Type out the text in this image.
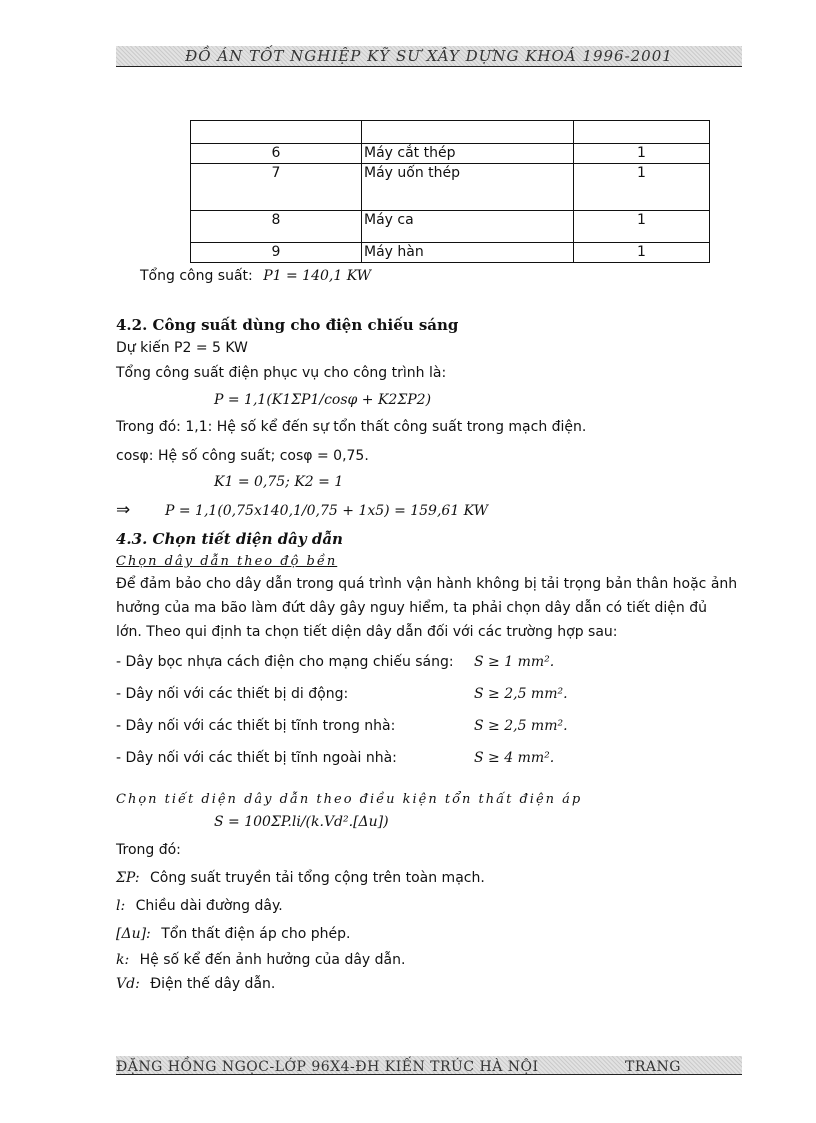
ĐỒ ÁN TỐT NGHIỆP KỸ SƯ XÂY DỰNG KHOÁ 1996-2001

6	Máy cắt thép	1
7	Máy uốn thép	1
8	Máy ca	1
9	Máy hàn	1
Tổng công suất: P1 = 140,1 KW
4.2. Công suất dùng cho điện chiếu sáng
Dự kiến P2 = 5 KW
Tổng công suất điện phục vụ cho công trình là:
P = 1,1(K1ΣP1/cosφ + K2ΣP2)
Trong đó: 1,1: Hệ số kể đến sự tổn thất công suất trong mạch điện.
cosφ: Hệ số công suất; cosφ = 0,75.
K1 = 0,75; K2 = 1
⇒ P = 1,1(0,75x140,1/0,75 + 1x5) = 159,61 KW
4.3. Chọn tiết diện dây dẫn
Chọn dây dẫn theo độ bền
Để đảm bảo cho dây dẫn trong quá trình vận hành không bị tải trọng bản thân hoặc ảnh
hưởng của ma bão làm đứt dây gây nguy hiểm, ta phải chọn dây dẫn có tiết diện đủ
lớn. Theo qui định ta chọn tiết diện dây dẫn đối với các trường hợp sau:
- Dây bọc nhựa cách điện cho mạng chiếu sáng: S ≥ 1 mm².
- Dây nối với các thiết bị di động:	S ≥ 2,5 mm².
- Dây nối với các thiết bị tĩnh trong nhà:	S ≥ 2,5 mm².
- Dây nối với các thiết bị tĩnh ngoài nhà:	S ≥ 4 mm².
Chọn tiết diện dây dẫn theo điều kiện tổn thất điện áp
S = 100ΣP.li/(k.Vd².[Δu])
Trong đó:
ΣP: Công suất truyền tải tổng cộng trên toàn mạch.
l: Chiều dài đường dây.
[Δu]: Tổn thất điện áp cho phép.
k: Hệ số kể đến ảnh hưởng của dây dẫn.
Vd: Điện thế dây dẫn.
ĐẶNG HỒNG NGỌC-LỚP 96X4-ĐH KIẾN TRÚC HÀ NỘI	TRANG
